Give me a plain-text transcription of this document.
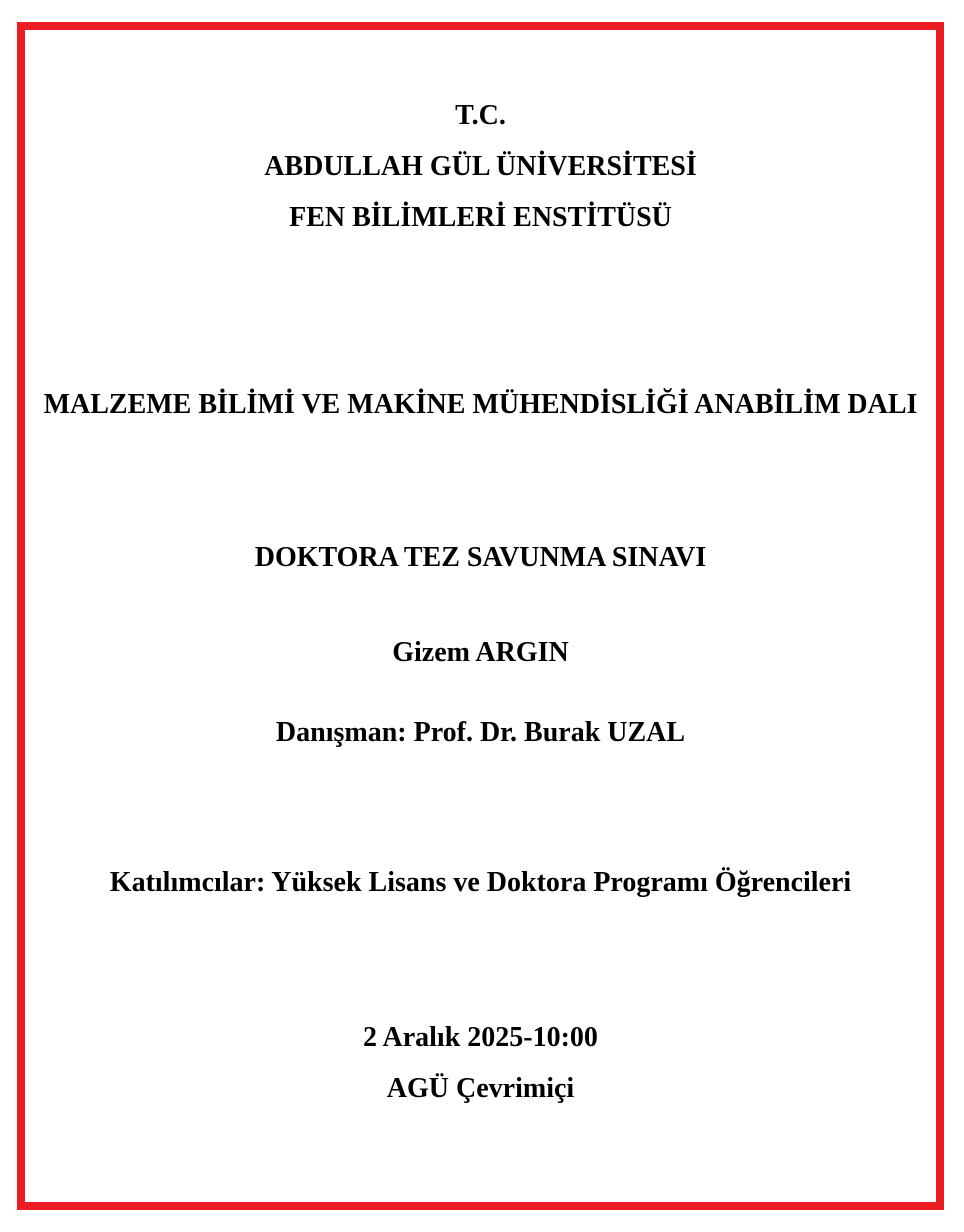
T.C.
ABDULLAH GÜL ÜNİVERSİTESİ
FEN BİLİMLERİ ENSTİTÜSÜ
MALZEME BİLİMİ VE MAKİNE MÜHENDİSLİĞİ ANABİLİM DALI
DOKTORA TEZ SAVUNMA SINAVI
Gizem ARGIN
Danışman: Prof. Dr. Burak UZAL
Katılımcılar: Yüksek Lisans ve Doktora Programı Öğrencileri
2 Aralık 2025-10:00
AGÜ Çevrimiçi
